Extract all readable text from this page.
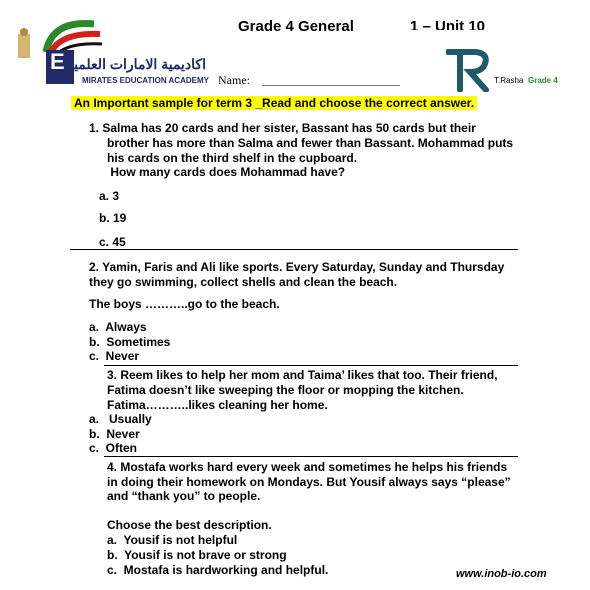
E اكاديمية الامارات العلمية
MIRATES EDUCATION ACADEMY
Grade 4 General	1 – Unit 10
Name:	T.Rasha Grade 4
An Important sample for term 3 _Read and choose the correct answer.
1. Salma has 20 cards and her sister, Bassant has 50 cards but their
brother has more than Salma and fewer than Bassant. Mohammad puts
his cards on the third shelf in the cupboard.
How many cards does Mohammad have?
a. 3
b. 19
c. 45
2. Yamin, Faris and Ali like sports. Every Saturday, Sunday and Thursday
they go swimming, collect shells and clean the beach.
The boys ………..go to the beach.
a.  Always
b.  Sometimes
c.  Never
3. Reem likes to help her mom and Taima’ likes that too. Their friend,
Fatima doesn’t like sweeping the floor or mopping the kitchen.
Fatima………..likes cleaning her home.
a.   Usually
b.  Never
c.  Often
4. Mostafa works hard every week and sometimes he helps his friends
in doing their homework on Mondays. But Yousif always says “please”
and “thank you” to people.
Choose the best description.
a.  Yousif is not helpful
b.  Yousif is not brave or strong
c.  Mostafa is hardworking and helpful.	www.inob-io.com
